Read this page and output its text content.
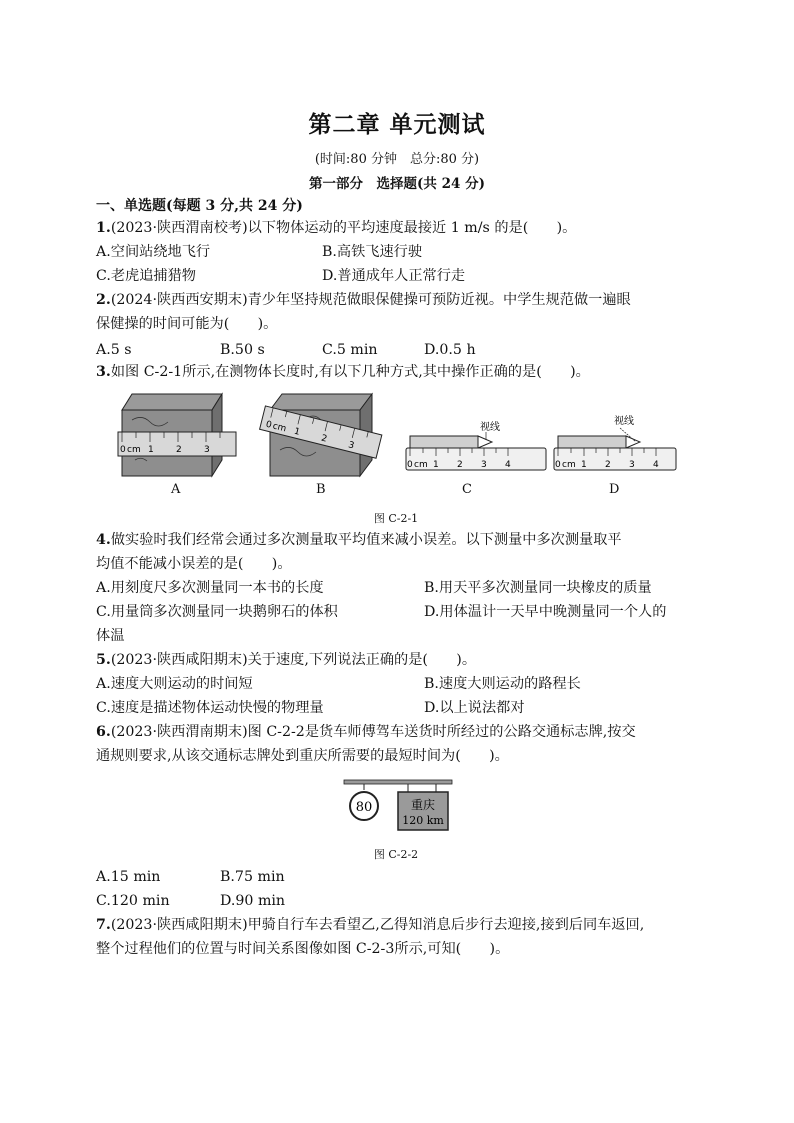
第二章 单元测试
(时间:80 分钟　总分:80 分)
第一部分　选择题(共 24 分)
一、单选题(每题 3 分,共 24 分)
1.(2023·陕西渭南校考)以下物体运动的平均速度最接近 1 m/s 的是(　　)。
A.空间站绕地飞行	B.高铁飞速行驶
C.老虎追捕猎物	D.普通成年人正常行走
2.(2024·陕西西安期末)青少年坚持规范做眼保健操可预防近视。中学生规范做一遍眼
保健操的时间可能为(　　)。
A.5 s	B.50 s	C.5 min	D.0.5 h
3.如图 C-2-1所示,在测物体长度时,有以下几种方式,其中操作正确的是(　　)。
0 cm 1 2 3
0
cm 1
2
3
视线
0 cm 1 2 3 4
视线
0 cm 1 2 3 4
A	B	C	D
图 C-2-1
4.做实验时我们经常会通过多次测量取平均值来减小误差。以下测量中多次测量取平
均值不能减小误差的是(　　)。
A.用刻度尺多次测量同一本书的长度	B.用天平多次测量同一块橡皮的质量
C.用量筒多次测量同一块鹅卵石的体积	D.用体温计一天早中晚测量同一个人的
体温
5.(2023·陕西咸阳期末)关于速度,下列说法正确的是(　　)。
A.速度大则运动的时间短	B.速度大则运动的路程长
C.速度是描述物体运动快慢的物理量	D.以上说法都对
6.(2023·陕西渭南期末)图 C-2-2是货车师傅驾车送货时所经过的公路交通标志牌,按交
通规则要求,从该交通标志牌处到重庆所需要的最短时间为(　　)。
80	重庆
120 km
图 C-2-2
A.15 min	B.75 min
C.120 min	D.90 min
7.(2023·陕西咸阳期末)甲骑自行车去看望乙,乙得知消息后步行去迎接,接到后同车返回,
整个过程他们的位置与时间关系图像如图 C-2-3所示,可知(　　)。
